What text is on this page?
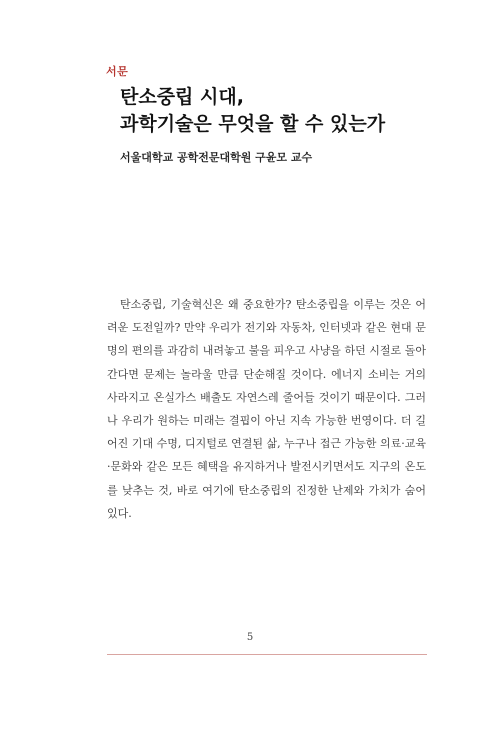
서문
탄소중립 시대,
과학기술은 무엇을 할 수 있는가
서울대학교 공학전문대학원 구윤모 교수

탄소중립, 기술혁신은 왜 중요한가? 탄소중립을 이루는 것은 어려운 도전일까? 만약 우리가 전기와 자동차, 인터넷과 같은 현대 문명의 편의를 과감히 내려놓고 불을 피우고 사냥을 하던 시절로 돌아간다면 문제는 놀라울 만큼 단순해질 것이다. 에너지 소비는 거의 사라지고 온실가스 배출도 자연스레 줄어들 것이기 때문이다. 그러나 우리가 원하는 미래는 결핍이 아닌 지속 가능한 번영이다. 더 길어진 기대 수명, 디지털로 연결된 삶, 누구나 접근 가능한 의료·교육·문화와 같은 모든 혜택을 유지하거나 발전시키면서도 지구의 온도를 낮추는 것, 바로 여기에 탄소중립의 진정한 난제와 가치가 숨어 있다.

5
